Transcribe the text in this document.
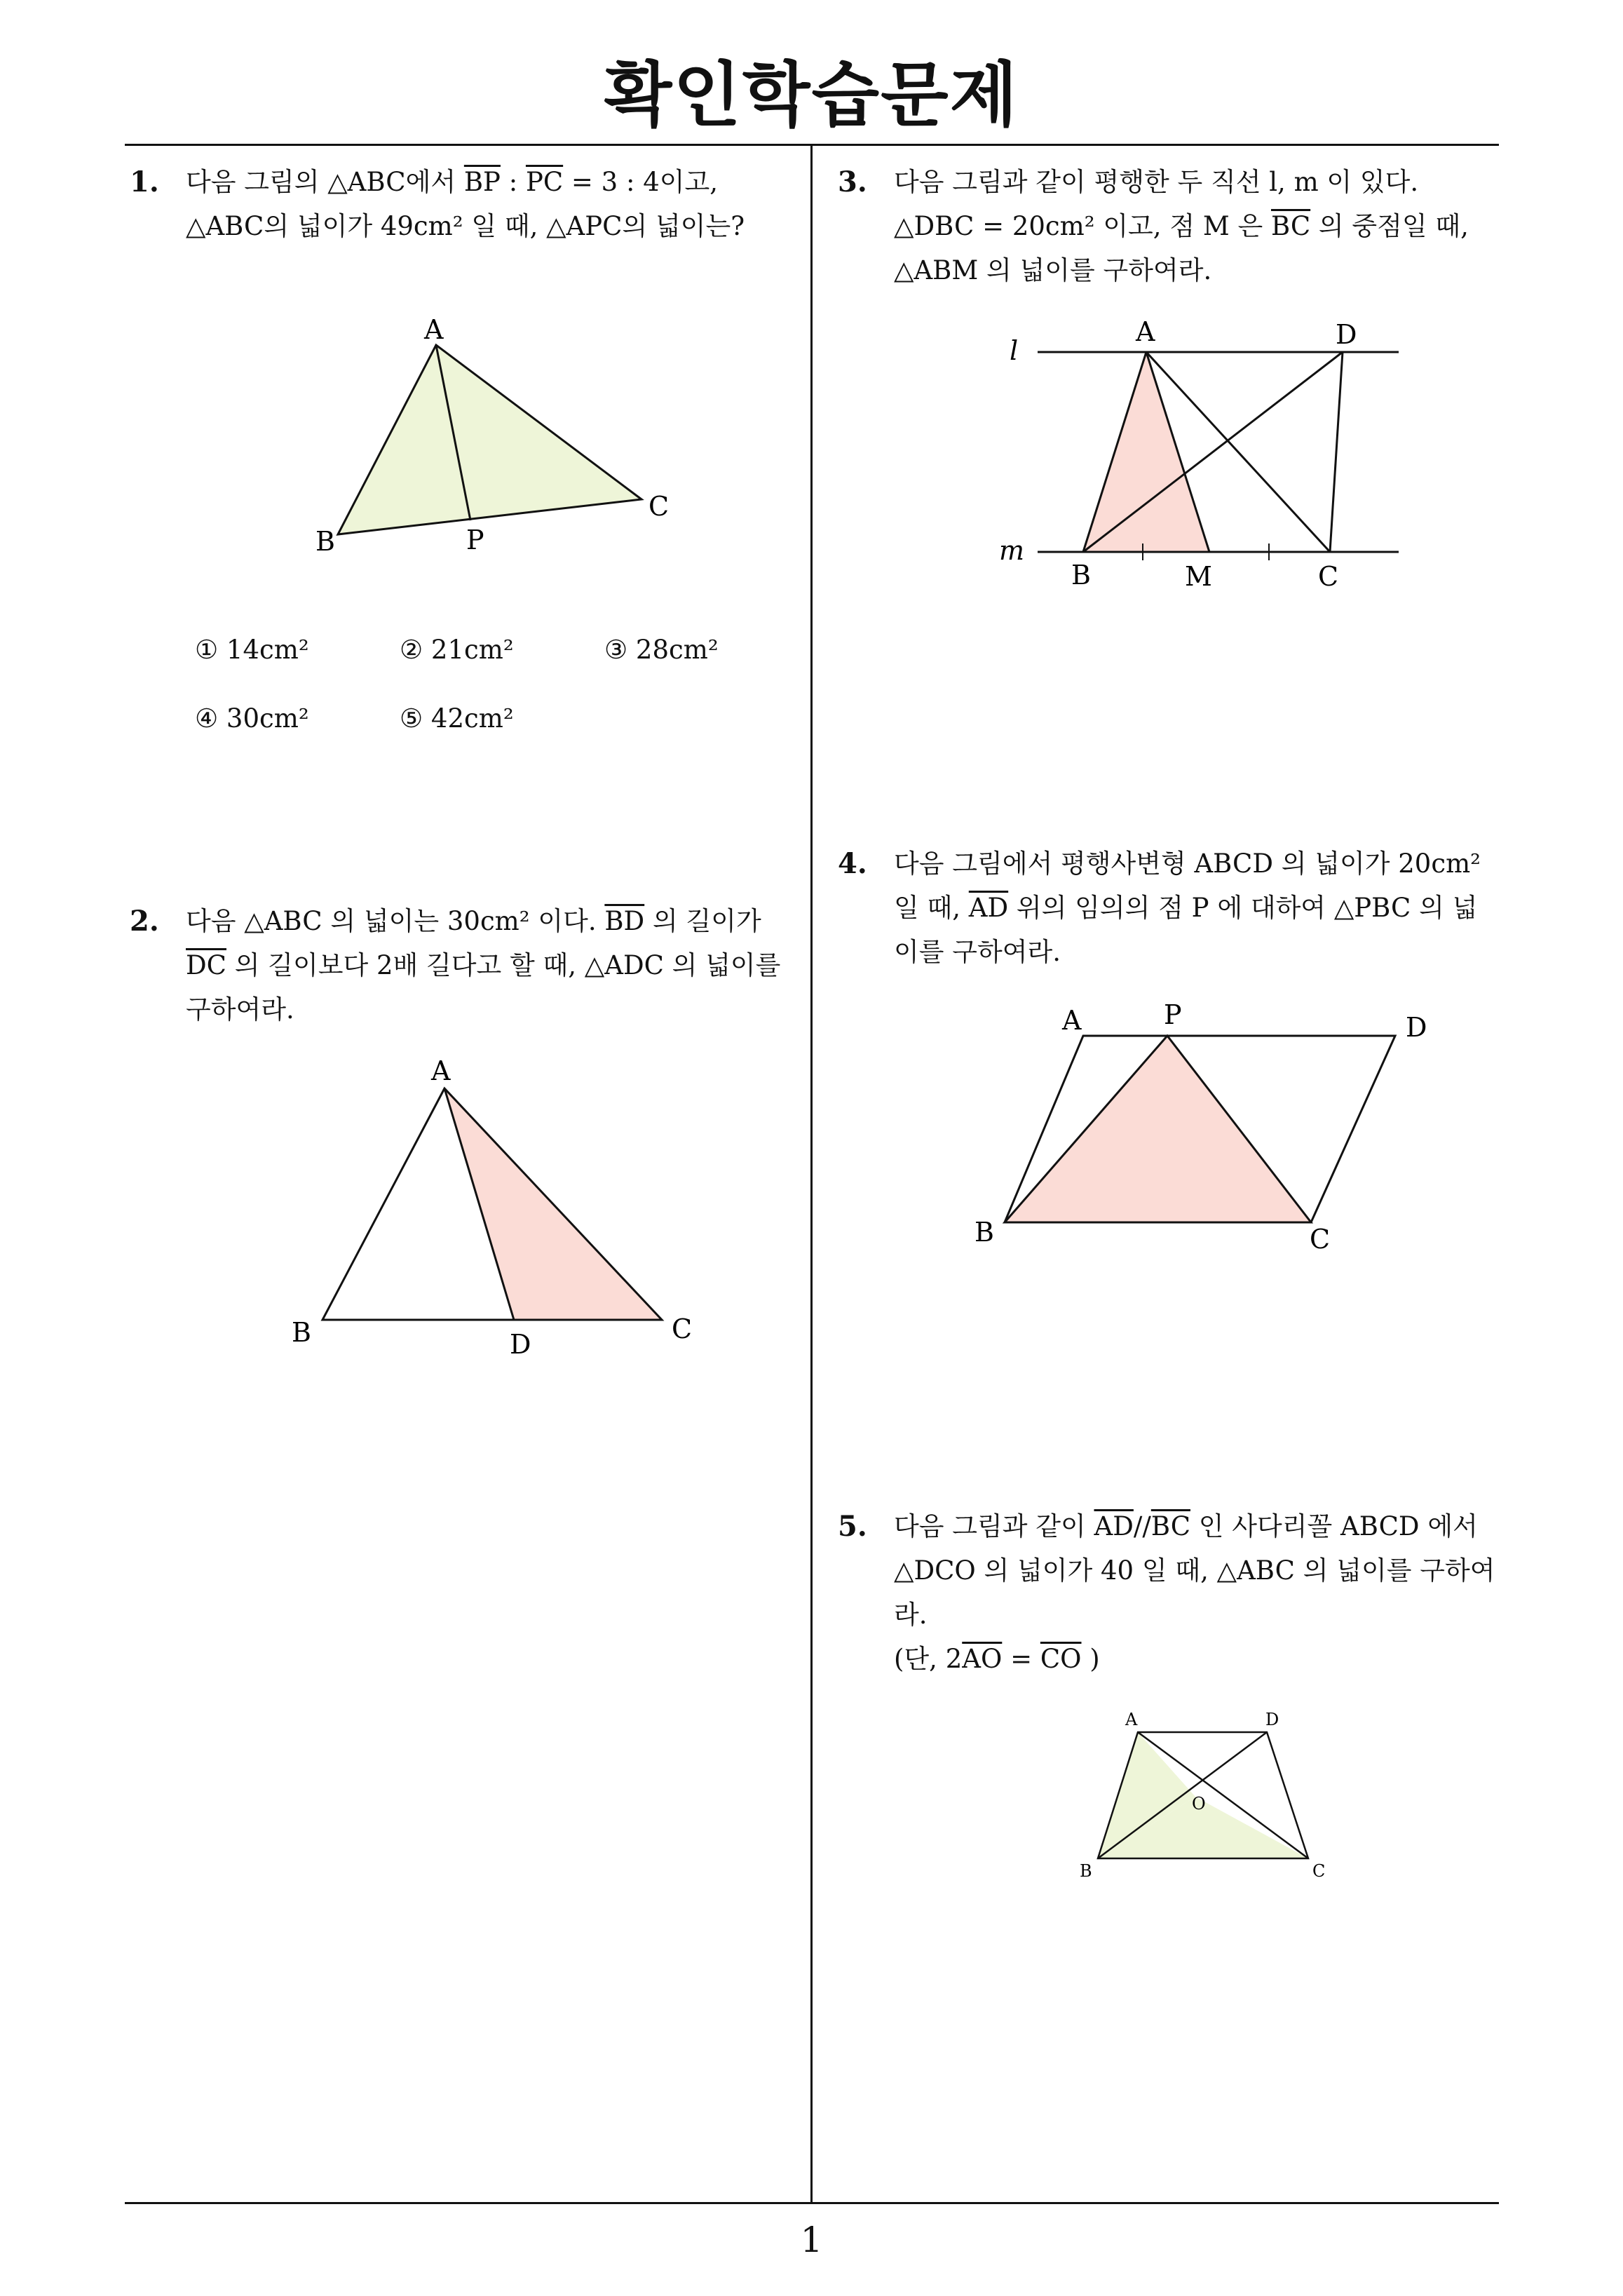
확인학습문제
1. 다음 그림의 △ABC에서 $\overline{BP}$ : $\overline{PC} = 3$ : 4이고,
△ABC의 넓이가 49cm² 일 때, △APC의 넓이는?
A
B	P
C
① 14cm²	② 21cm²	③ 28cm²
④ 30cm²	⑤ 42cm²
2. 다음 △ABC 의 넓이는 30cm² 이다. $\overline{BD}$ 의 길이가
$\overline{DC}$ 의 길이보다 2배 길다고 할 때, △ADC 의 넓이를
구하여라.
A
B	D	C
3. 다음 그림과 같이 평행한 두 직선 l, m 이 있다.
△DBC = 20cm² 이고, 점 M 은 $\overline{BC}$ 의 중점일 때,
△ABM 의 넓이를 구하여라.
l
m
A	D
B	M	C
4. 다음 그림에서 평행사변형 ABCD 의 넓이가 20cm²
일 때, $\overline{AD}$ 위의 임의의 점 P 에 대하여 △PBC 의 넓
이를 구하여라.
A	P	D
B	C
5. 다음 그림과 같이 $\overline{AD}//\overline{BC}$ 인 사다리꼴 ABCD 에서
△DCO 의 넓이가 40 일 때, △ABC 의 넓이를 구하여
라.
(단, $2\overline{AO} = \overline{CO}$ )
A	D
O
B	C
1
